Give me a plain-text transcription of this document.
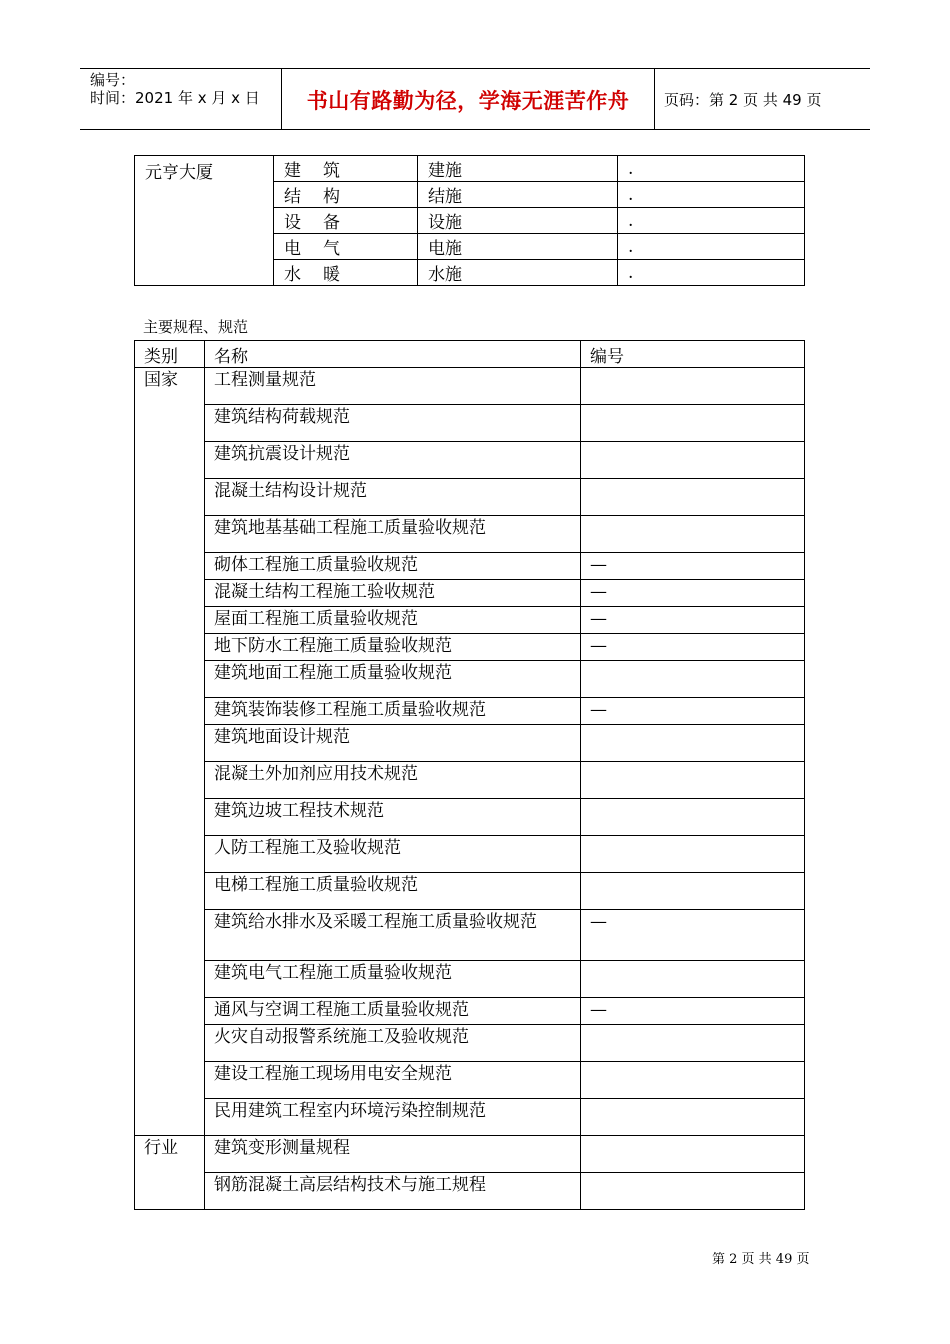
编号：
时间：2021 年 x 月 x 日	书山有路勤为径，学海无涯苦作舟	页码：第 2 页 共 49 页
元亨大厦	建筑	建施	.
	结构	结施	.
	设备	设施	.
	电气	电施	.
	水暖	水施	.
主要规程、规范
类别	名称	编号
国家	工程测量规范	
	建筑结构荷载规范	
	建筑抗震设计规范	
	混凝土结构设计规范	
	建筑地基基础工程施工质量验收规范	
	砌体工程施工质量验收规范	—
	混凝土结构工程施工验收规范	—
	屋面工程施工质量验收规范	—
	地下防水工程施工质量验收规范	—
	建筑地面工程施工质量验收规范	
	建筑装饰装修工程施工质量验收规范	—
	建筑地面设计规范	
	混凝土外加剂应用技术规范	
	建筑边坡工程技术规范	
	人防工程施工及验收规范	
	电梯工程施工质量验收规范	
	建筑给水排水及采暖工程施工质量验收规范	—
	建筑电气工程施工质量验收规范	
	通风与空调工程施工质量验收规范	—
	火灾自动报警系统施工及验收规范	
	建设工程施工现场用电安全规范	
	民用建筑工程室内环境污染控制规范	
行业	建筑变形测量规程	
	钢筋混凝土高层结构技术与施工规程	
第 2 页 共 49 页
